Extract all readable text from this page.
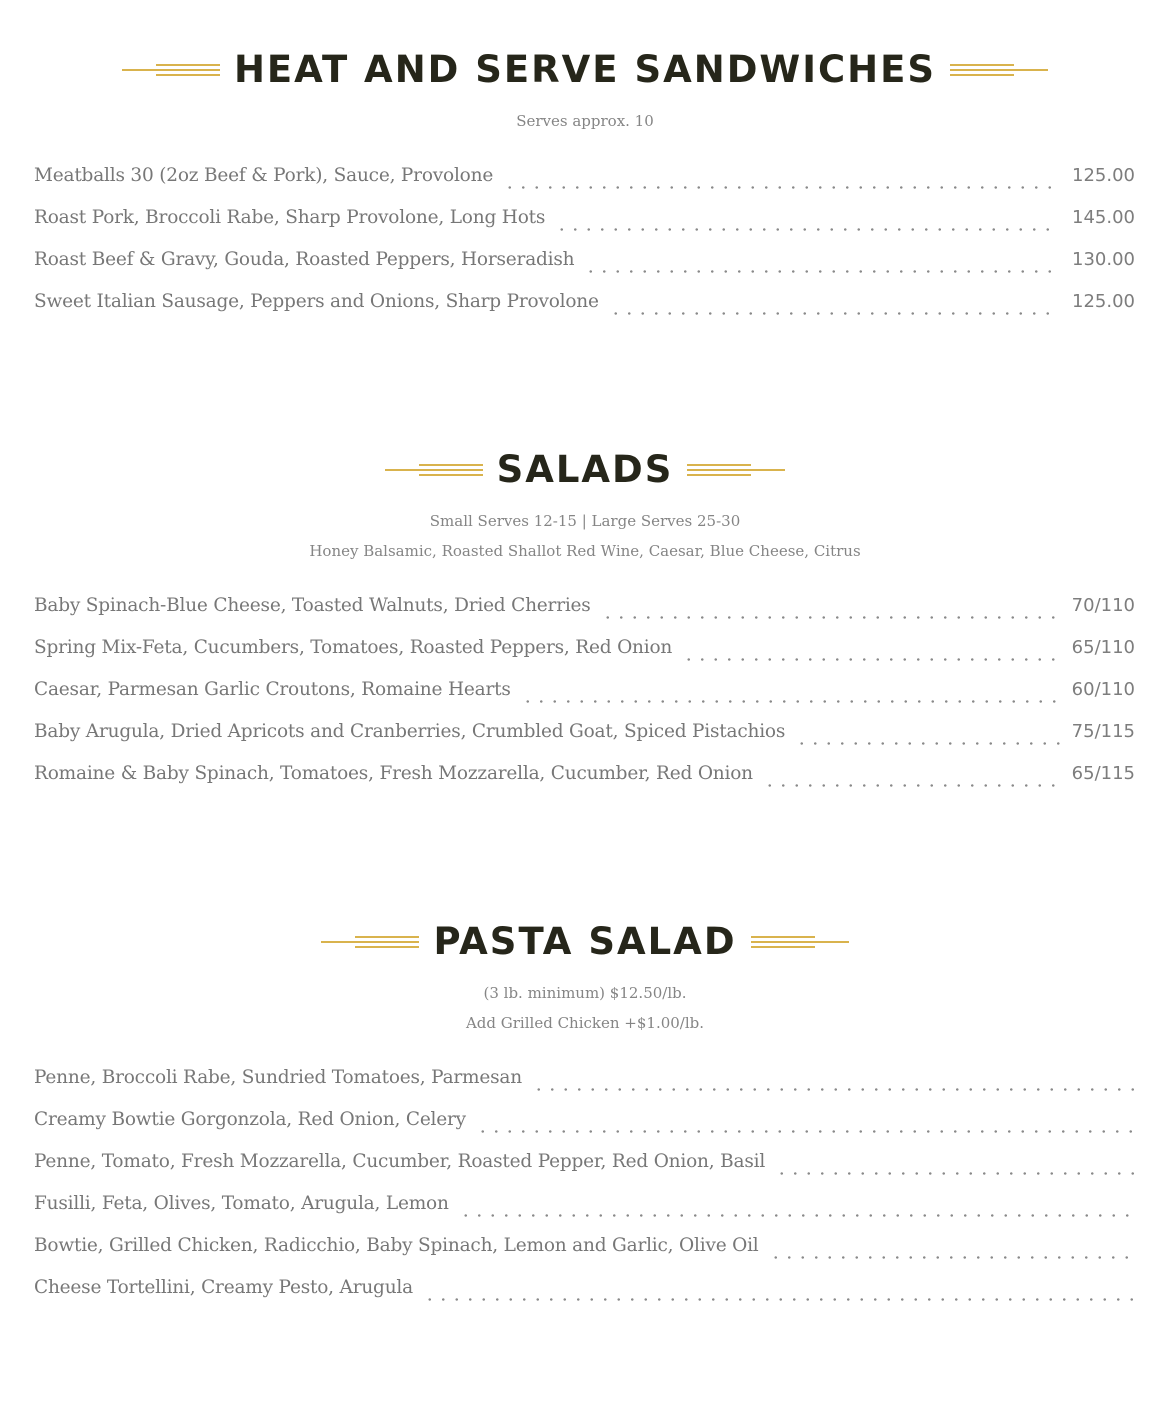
HEAT AND SERVE SANDWICHES
Serves approx. 10
Meatballs 30 (2oz Beef & Pork), Sauce, Provolone	125.00
Roast Pork, Broccoli Rabe, Sharp Provolone, Long Hots	145.00
Roast Beef & Gravy, Gouda, Roasted Peppers, Horseradish	130.00
Sweet Italian Sausage, Peppers and Onions, Sharp Provolone	125.00
SALADS
Small Serves 12-15 | Large Serves 25-30
Honey Balsamic, Roasted Shallot Red Wine, Caesar, Blue Cheese, Citrus
Baby Spinach-Blue Cheese, Toasted Walnuts, Dried Cherries	70/110
Spring Mix-Feta, Cucumbers, Tomatoes, Roasted Peppers, Red Onion	65/110
Caesar, Parmesan Garlic Croutons, Romaine Hearts	60/110
Baby Arugula, Dried Apricots and Cranberries, Crumbled Goat, Spiced Pistachios	75/115
Romaine & Baby Spinach, Tomatoes, Fresh Mozzarella, Cucumber, Red Onion	65/115
PASTA SALAD
(3 lb. minimum) $12.50/lb.
Add Grilled Chicken +$1.00/lb.
Penne, Broccoli Rabe, Sundried Tomatoes, Parmesan
Creamy Bowtie Gorgonzola, Red Onion, Celery
Penne, Tomato, Fresh Mozzarella, Cucumber, Roasted Pepper, Red Onion, Basil
Fusilli, Feta, Olives, Tomato, Arugula, Lemon
Bowtie, Grilled Chicken, Radicchio, Baby Spinach, Lemon and Garlic, Olive Oil
Cheese Tortellini, Creamy Pesto, Arugula
